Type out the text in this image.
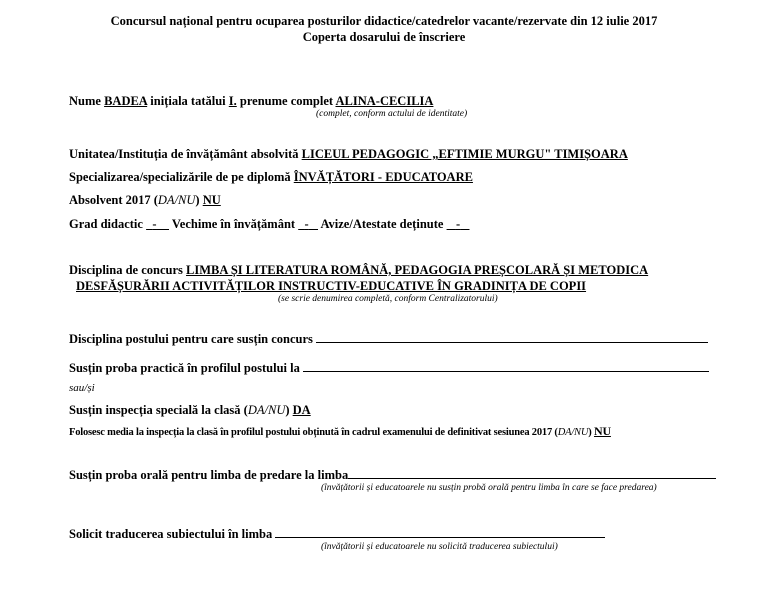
Concursul național pentru ocuparea posturilor didactice/catedrelor vacante/rezervate din 12 iulie 2017
Coperta dosarului de înscriere
Nume BADEA inițiala tatălui I. prenume complet ALINA-CECILIA
(complet, conform actului de identitate)
Unitatea/Instituția de învățământ absolvită LICEUL PEDAGOGIC „EFTIMIE MURGU" TIMIȘOARA
Specializarea/specializările de pe diplomă ÎNVĂȚĂTORI - EDUCATOARE
Absolvent 2017 (DA/NU) NU
Grad didactic - Vechime în învățământ - Avize/Atestate deținute -
Disciplina de concurs LIMBA ȘI LITERATURA ROMÂNĂ, PEDAGOGIA PREȘCOLARĂ ȘI METODICA
DESFĂȘURĂRII ACTIVITĂȚILOR INSTRUCTIV-EDUCATIVE ÎN GRADINIȚA DE COPII
(se scrie denumirea completă, conform Centralizatorului)
Disciplina postului pentru care susțin concurs
Susțin proba practică în profilul postului la
sau/și
Susțin inspecția specială la clasă (DA/NU) DA
Folosesc media la inspecția la clasă în profilul postului obținută în cadrul examenului de definitivat sesiunea 2017 (DA/NU) NU
Susțin proba orală pentru limba de predare la limba
(învățătorii și educatoarele nu susțin probă orală pentru limba în care se face predarea)
Solicit traducerea subiectului în limba
(învățătorii și educatoarele nu solicită traducerea subiectului)
